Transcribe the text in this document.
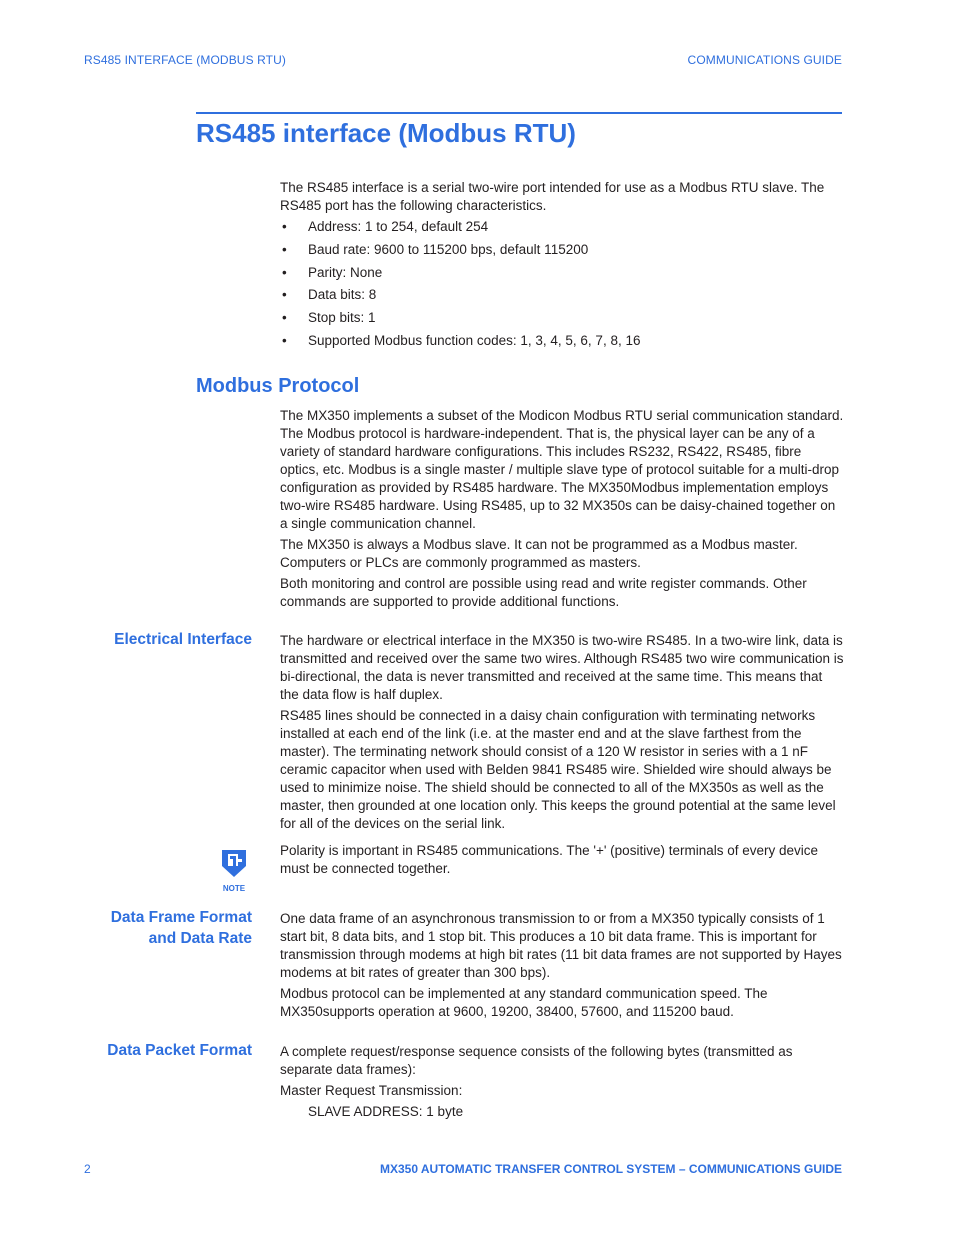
RS485 INTERFACE (MODBUS RTU)	COMMUNICATIONS GUIDE
RS485 interface (Modbus RTU)

The RS485 interface is a serial two-wire port intended for use as a Modbus RTU slave. The RS485 port has the following characteristics.

• Address: 1 to 254, default 254
• Baud rate: 9600 to 115200 bps, default 115200
• Parity: None
• Data bits: 8
• Stop bits: 1
• Supported Modbus function codes: 1, 3, 4, 5, 6, 7, 8, 16
Modbus Protocol

The MX350 implements a subset of the Modicon Modbus RTU serial communication standard. The Modbus protocol is hardware-independent. That is, the physical layer can be any of a variety of standard hardware configurations. This includes RS232, RS422, RS485, fibre optics, etc. Modbus is a single master / multiple slave type of protocol suitable for a multi-drop configuration as provided by RS485 hardware. The MX350Modbus implementation employs two-wire RS485 hardware. Using RS485, up to 32 MX350s can be daisy-chained together on a single communication channel.

The MX350 is always a Modbus slave. It can not be programmed as a Modbus master. Computers or PLCs are commonly programmed as masters.

Both monitoring and control are possible using read and write register commands. Other commands are supported to provide additional functions.

Electrical Interface The hardware or electrical interface in the MX350 is two-wire RS485. In a two-wire link, data is transmitted and received over the same two wires. Although RS485 two wire communication is bi-directional, the data is never transmitted and received at the same time. This means that the data flow is half duplex.

RS485 lines should be connected in a daisy chain configuration with terminating networks installed at each end of the link (i.e. at the master end and at the slave farthest from the master). The terminating network should consist of a 120 W resistor in series with a 1 nF ceramic capacitor when used with Belden 9841 RS485 wire. Shielded wire should always be used to minimize noise. The shield should be connected to all of the MX350s as well as the master, then grounded at one location only. This keeps the ground potential at the same level for all of the devices on the serial link.

NOTE

Polarity is important in RS485 communications. The '+' (positive) terminals of every device must be connected together.

Data Frame Format
and Data Rate

One data frame of an asynchronous transmission to or from a MX350 typically consists of 1 start bit, 8 data bits, and 1 stop bit. This produces a 10 bit data frame. This is important for transmission through modems at high bit rates (11 bit data frames are not supported by Hayes modems at bit rates of greater than 300 bps).

Modbus protocol can be implemented at any standard communication speed. The MX350supports operation at 9600, 19200, 38400, 57600, and 115200 baud.

Data Packet Format A complete request/response sequence consists of the following bytes (transmitted as separate data frames):

Master Request Transmission:

SLAVE ADDRESS: 1 byte

2	MX350 AUTOMATIC TRANSFER CONTROL SYSTEM – COMMUNICATIONS GUIDE
